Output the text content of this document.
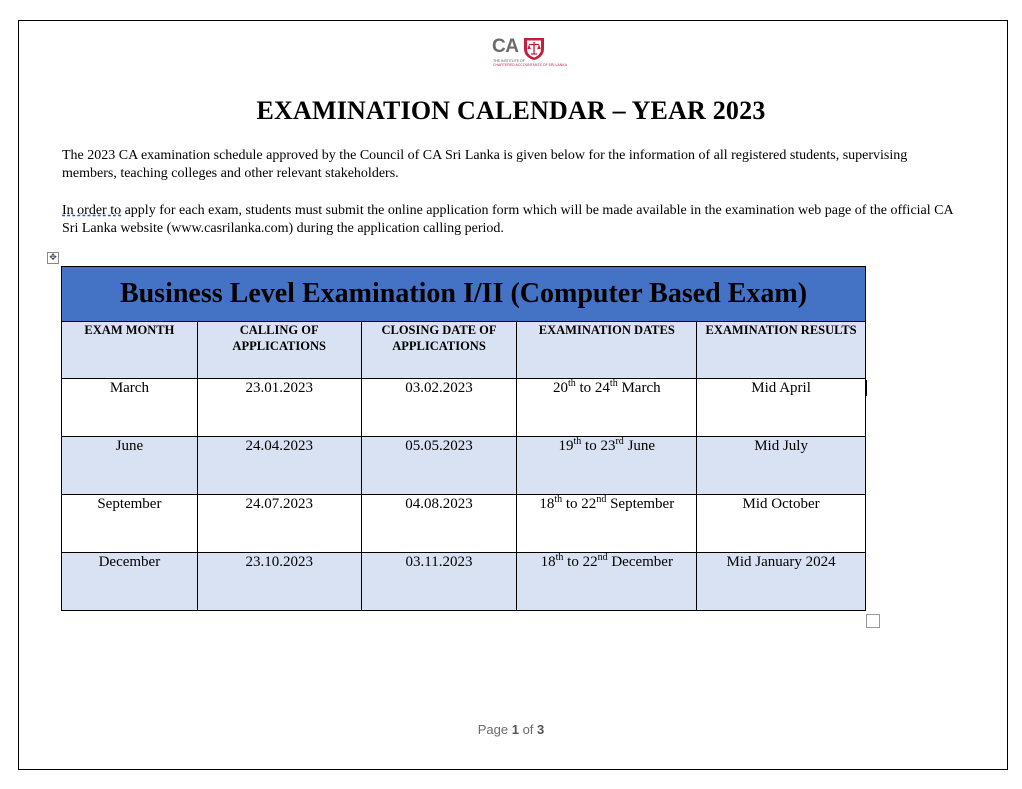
CA
THE INSTITUTE OF
CHARTERED ACCOUNTANTS OF SRI LANKA
EXAMINATION CALENDAR – YEAR 2023
The 2023 CA examination schedule approved by the Council of CA Sri Lanka is given below for the information of all registered students, supervising members, teaching colleges and other relevant stakeholders.
In order to apply for each exam, students must submit the online application form which will be made available in the examination web page of the official CA Sri Lanka website (www.casrilanka.com) during the application calling period.
✥
Business Level Examination I/II (Computer Based Exam)				
EXAM MONTH	CALLING OF APPLICATIONS	CLOSING DATE OF APPLICATIONS	EXAMINATION DATES	EXAMINATION RESULTS
March	23.01.2023	03.02.2023	20th to 24th March	Mid April
June	24.04.2023	05.05.2023	19th to 23rd June	Mid July
September	24.07.2023	04.08.2023	18th to 22nd September	Mid October
December	23.10.2023	03.11.2023	18th to 22nd December	Mid January 2024
Page 1 of 3
